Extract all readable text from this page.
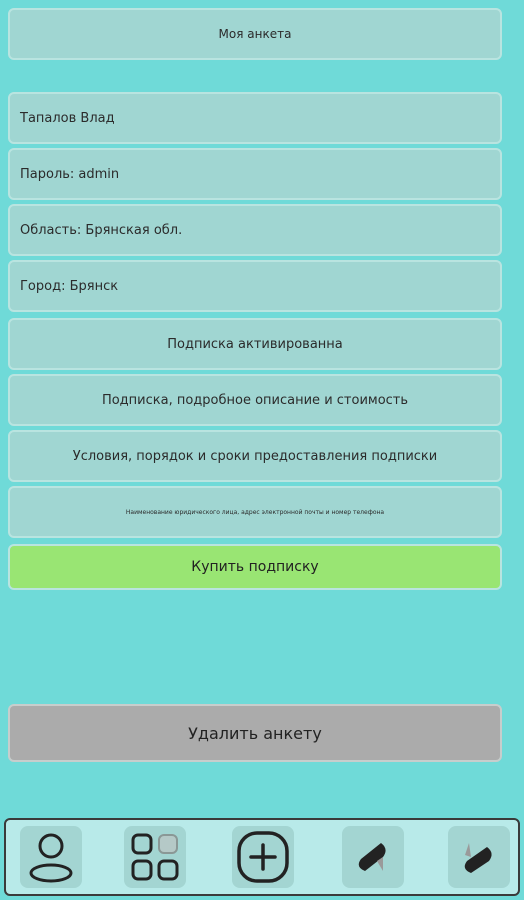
Моя анкета
Тапалов Влад
Пароль: admin
Область: Брянская обл.
Город: Брянск
Подписка активированна
Подписка, подробное описание и стоимость
Условия, порядок и сроки предоставления подписки
Наименование юридического лица, адрес электронной почты и номер телефона
Купить подписку
Удалить анкету
